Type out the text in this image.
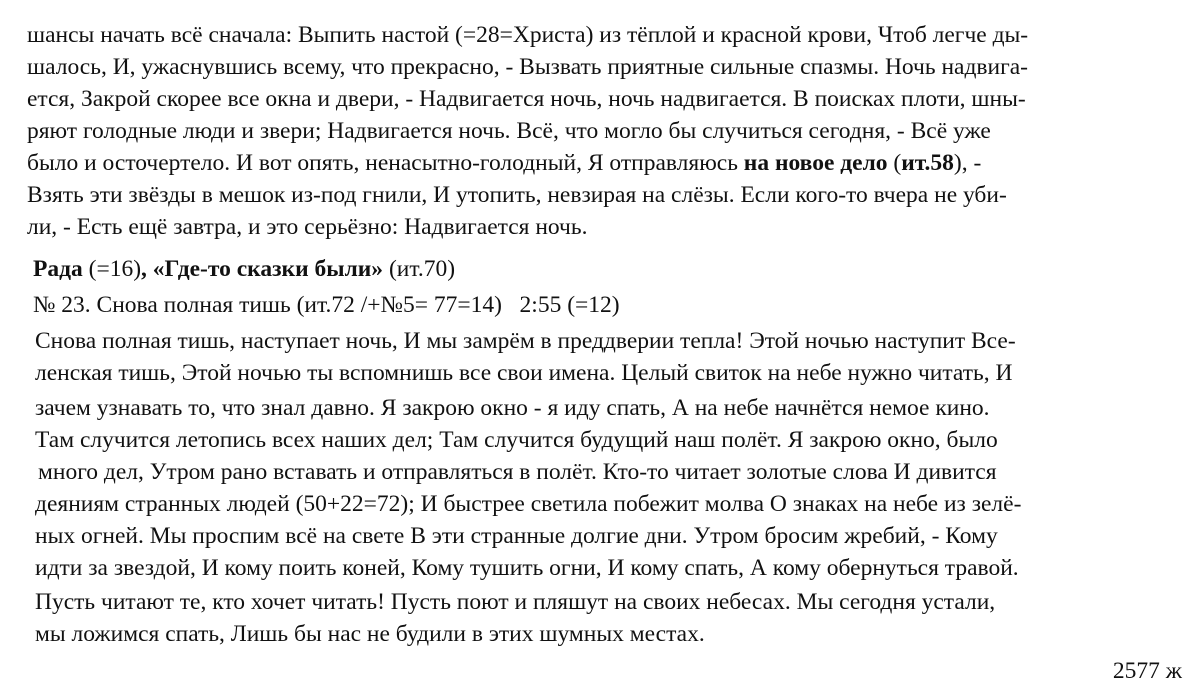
шансы начать всё сначала: Выпить настой (=28=Христа) из тёплой и красной крови, Чтоб легче ды-
шалось, И, ужаснувшись всему, что прекрасно, - Вызвать приятные сильные спазмы. Ночь надвига-
ется, Закрой скорее все окна и двери, - Надвигается ночь, ночь надвигается. В поисках плоти, шны-
ряют голодные люди и звери; Надвигается ночь. Всё, что могло бы случиться сегодня, - Всё уже
было и осточертело. И вот опять, ненасытно-голодный, Я отправляюсь на новое дело (ит.58), -
Взять эти звёзды в мешок из-под гнили, И утопить, невзирая на слёзы. Если кого-то вчера не уби-
ли, - Есть ещё завтра, и это серьёзно: Надвигается ночь.
Рада (=16), «Где-то сказки были» (ит.70)
№ 23. Снова полная тишь (ит.72 /+№5= 77=14)   2:55 (=12)
Снова полная тишь, наступает ночь, И мы замрём в преддверии тепла! Этой ночью наступит Все-
ленская тишь, Этой ночью ты вспомнишь все свои имена. Целый свиток на небе нужно читать, И
зачем узнавать то, что знал давно. Я закрою окно - я иду спать, А на небе начнётся немое кино.
Там случится летопись всех наших дел; Там случится будущий наш полёт. Я закрою окно, было
много дел, Утром рано вставать и отправляться в полёт. Кто-то читает золотые слова И дивится
деяниям странных людей (50+22=72); И быстрее светила побежит молва О знаках на небе из зелё-
ных огней. Мы проспим всё на свете В эти странные долгие дни. Утром бросим жребий, - Кому
идти за звездой, И кому поить коней, Кому тушить огни, И кому спать, А кому обернуться травой.
Пусть читают те, кто хочет читать! Пусть поют и пляшут на своих небесах. Мы сегодня устали,
мы ложимся спать, Лишь бы нас не будили в этих шумных местах.
2577 ж
